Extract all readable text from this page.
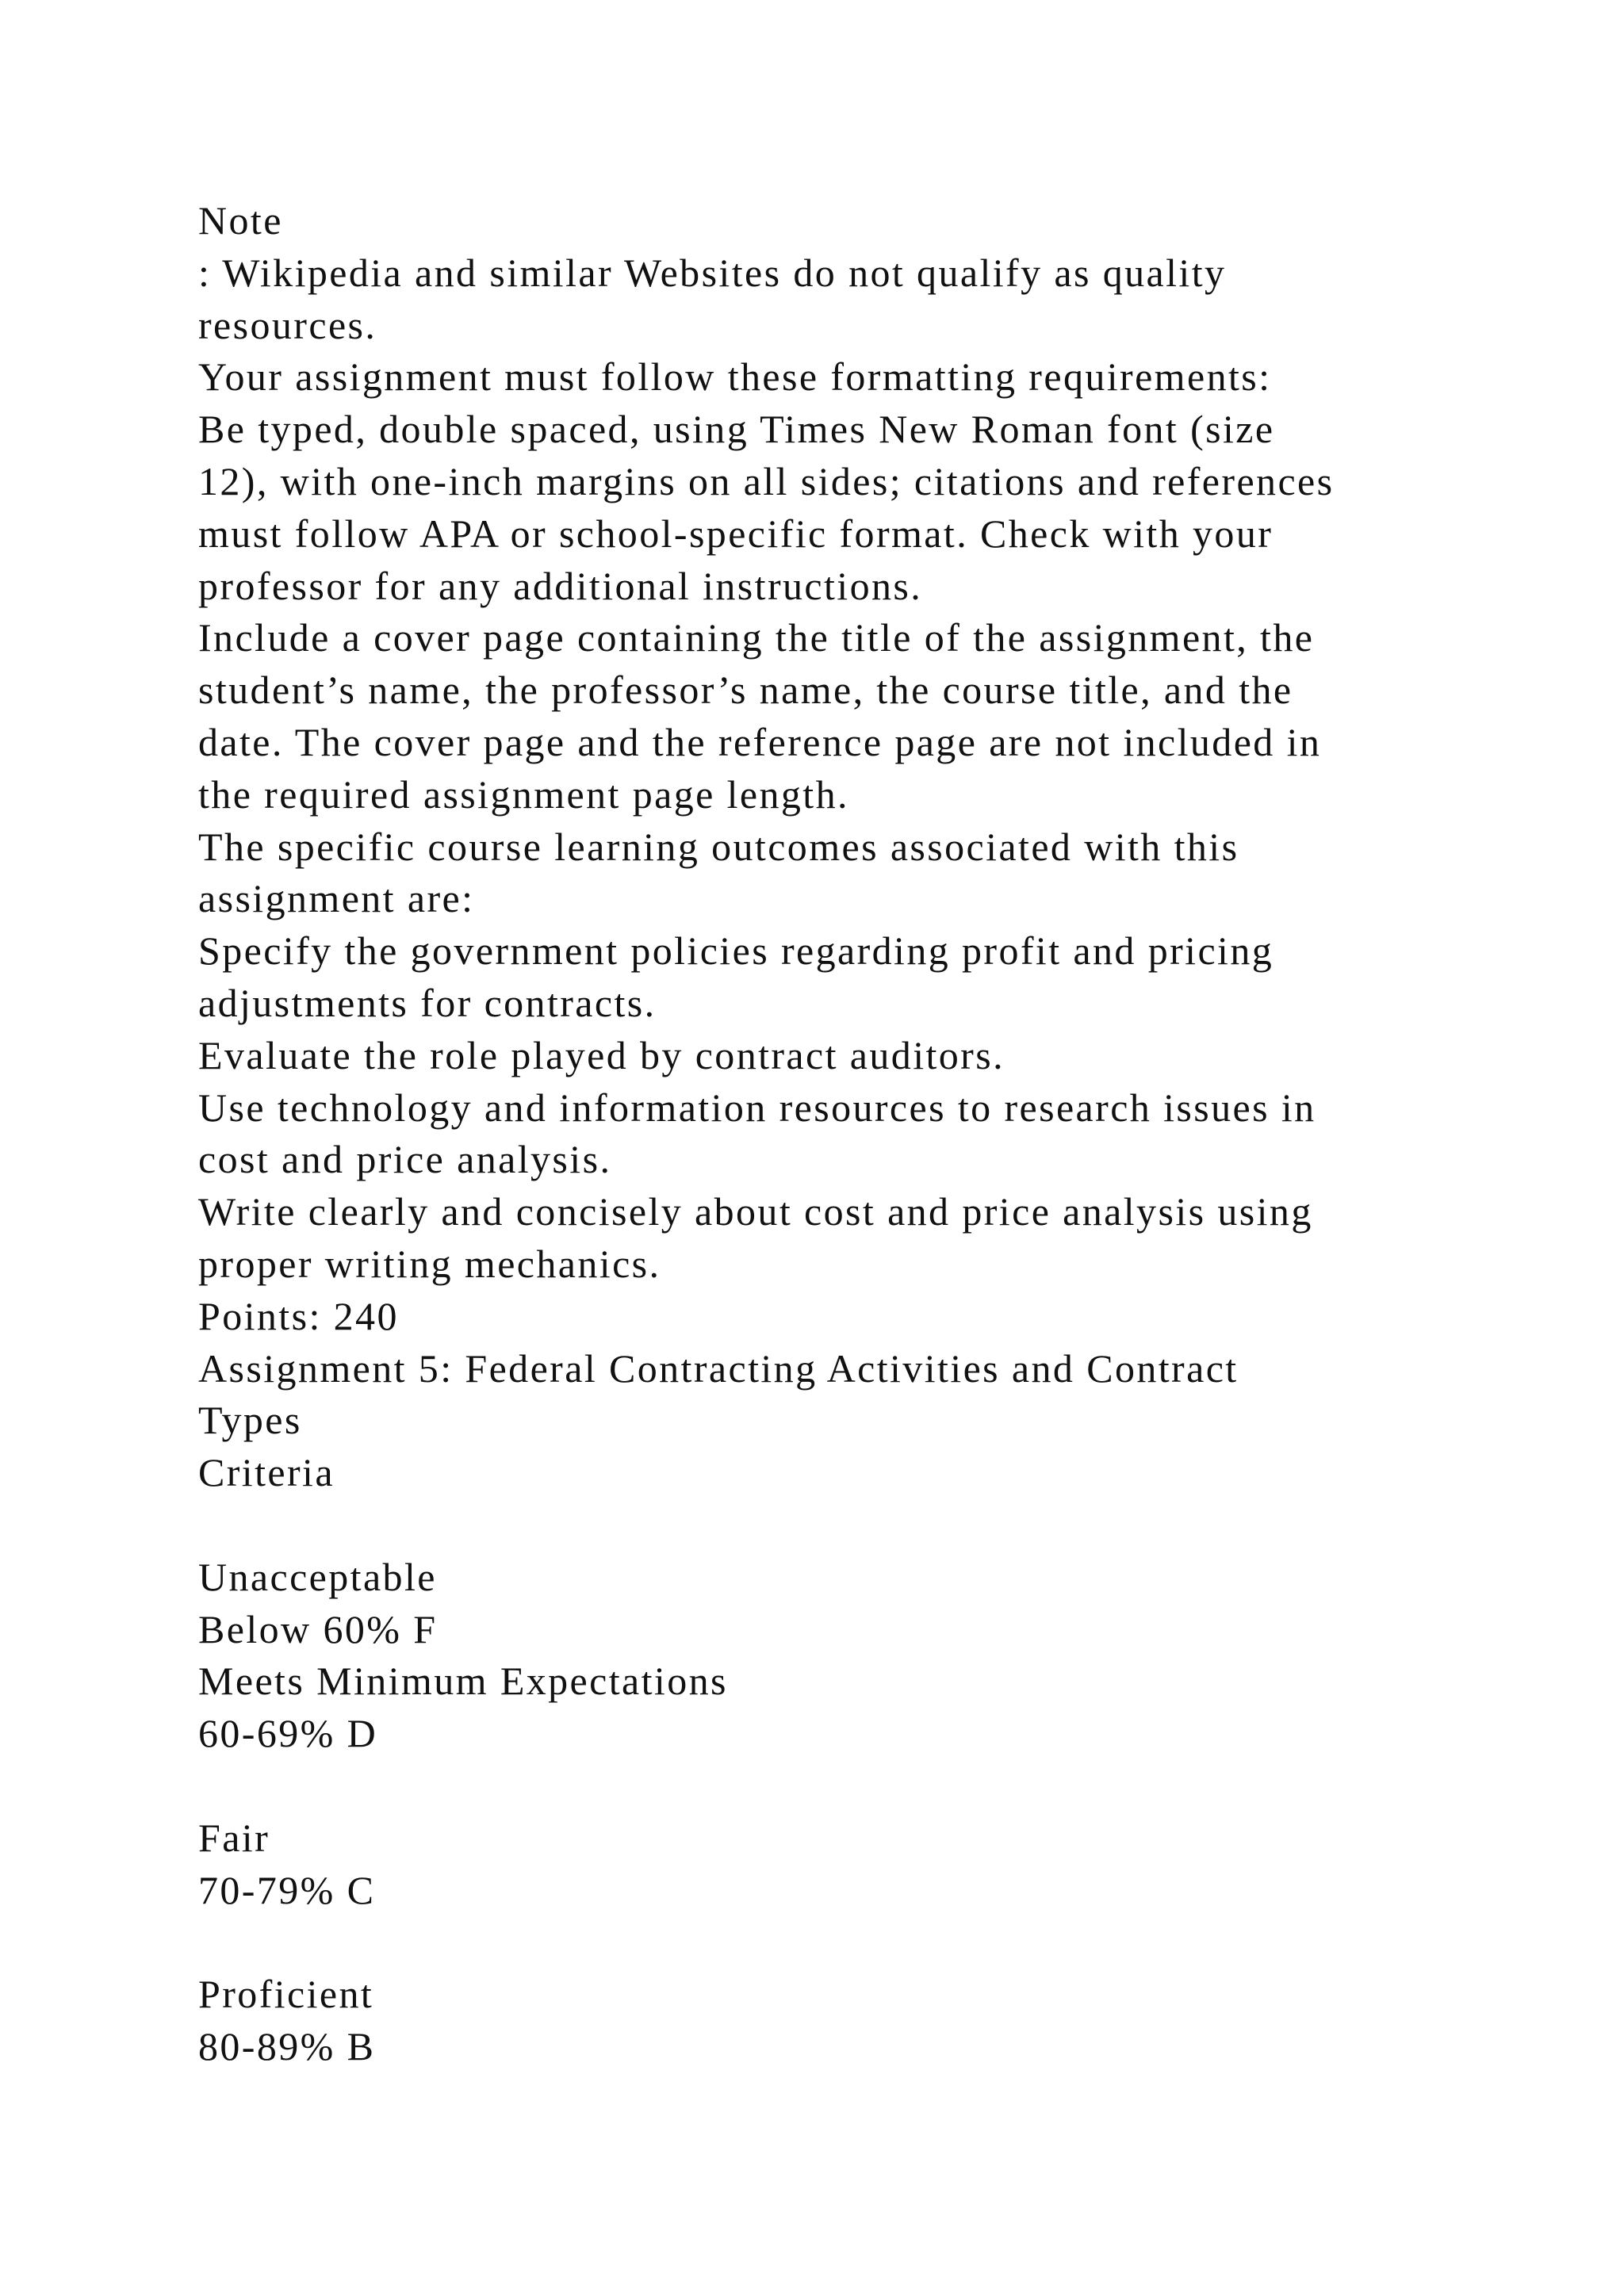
Note
: Wikipedia and similar Websites do not qualify as quality
resources.
Your assignment must follow these formatting requirements:
Be typed, double spaced, using Times New Roman font (size
12), with one-inch margins on all sides; citations and references
must follow APA or school-specific format. Check with your
professor for any additional instructions.
Include a cover page containing the title of the assignment, the
student’s name, the professor’s name, the course title, and the
date. The cover page and the reference page are not included in
the required assignment page length.
The specific course learning outcomes associated with this
assignment are:
Specify the government policies regarding profit and pricing
adjustments for contracts.
Evaluate the role played by contract auditors.
Use technology and information resources to research issues in
cost and price analysis.
Write clearly and concisely about cost and price analysis using
proper writing mechanics.
Points: 240
Assignment 5: Federal Contracting Activities and Contract
Types
Criteria
Unacceptable
Below 60% F
Meets Minimum Expectations
60-69% D
Fair
70-79% C
Proficient
80-89% B
